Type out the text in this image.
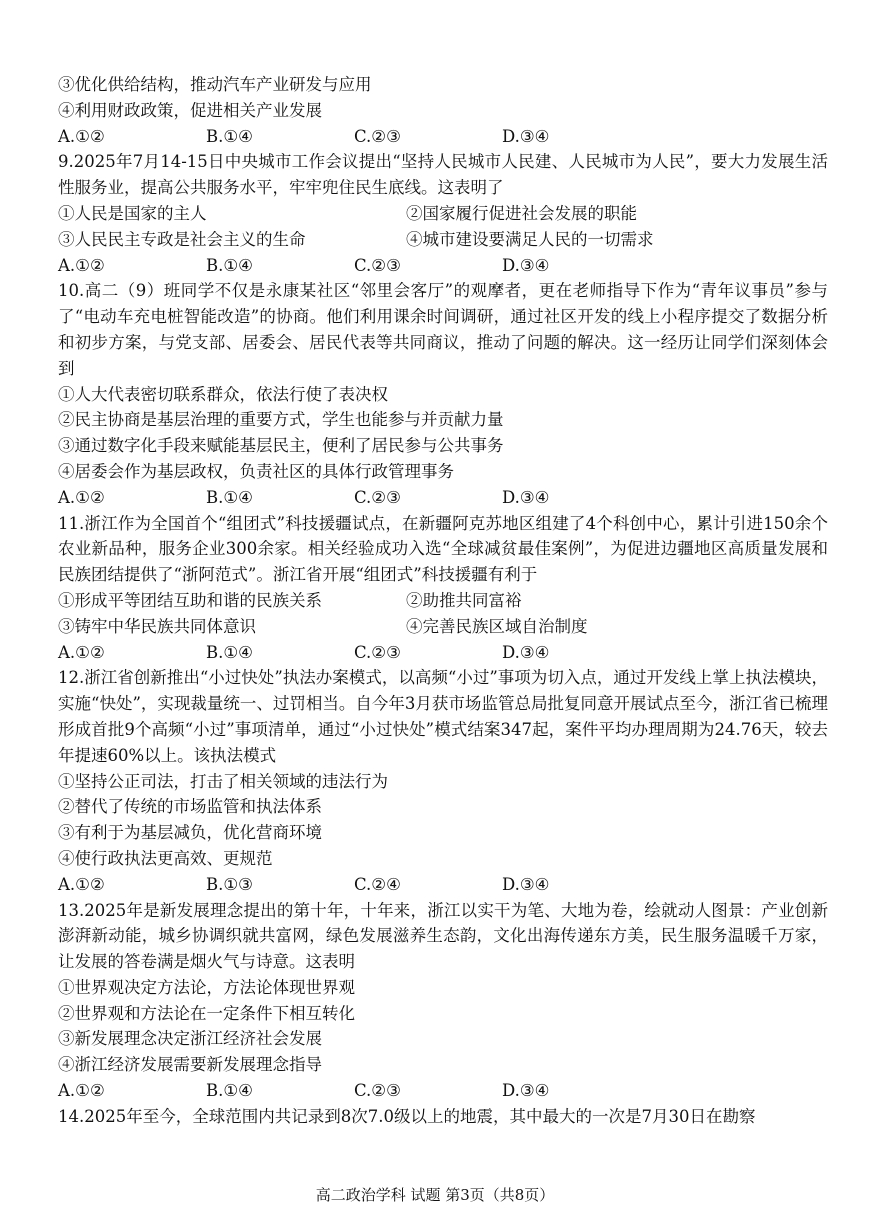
③优化供给结构，推动汽车产业研发与应用
④利用财政政策，促进相关产业发展
A.①②	B.①④	C.②③	D.③④

9.2025年7月14-15日中央城市工作会议提出“坚持人民城市人民建、人民城市为人民”，要大力发展生活性服务业，提高公共服务水平，牢牢兜住民生底线。这表明了

①人民是国家的主人	②国家履行促进社会发展的职能
③人民民主专政是社会主义的生命	④城市建设要满足人民的一切需求
A.①②	B.①④	C.②③	D.③④

10.高二（9）班同学不仅是永康某社区“邻里会客厅”的观摩者，更在老师指导下作为“青年议事员”参与了“电动车充电桩智能改造”的协商。他们利用课余时间调研，通过社区开发的线上小程序提交了数据分析和初步方案，与党支部、居委会、居民代表等共同商议，推动了问题的解决。这一经历让同学们深刻体会到

①人大代表密切联系群众，依法行使了表决权
②民主协商是基层治理的重要方式，学生也能参与并贡献力量
③通过数字化手段来赋能基层民主，便利了居民参与公共事务
④居委会作为基层政权，负责社区的具体行政管理事务
A.①②	B.①④	C.②③	D.③④

11.浙江作为全国首个“组团式”科技援疆试点，在新疆阿克苏地区组建了4个科创中心，累计引进150余个农业新品种，服务企业300余家。相关经验成功入选“全球减贫最佳案例”，为促进边疆地区高质量发展和民族团结提供了“浙阿范式”。浙江省开展“组团式”科技援疆有利于

①形成平等团结互助和谐的民族关系	②助推共同富裕
③铸牢中华民族共同体意识	④完善民族区域自治制度
A.①②	B.①④	C.②③	D.③④

12.浙江省创新推出“小过快处”执法办案模式，以高频“小过”事项为切入点，通过开发线上掌上执法模块，实施“快处”，实现裁量统一、过罚相当。自今年3月获市场监管总局批复同意开展试点至今，浙江省已梳理形成首批9个高频“小过”事项清单，通过“小过快处”模式结案347起，案件平均办理周期为24.76天，较去年提速60%以上。该执法模式

①坚持公正司法，打击了相关领域的违法行为
②替代了传统的市场监管和执法体系
③有利于为基层减负，优化营商环境
④使行政执法更高效、更规范
A.①②	B.①③	C.②④	D.③④

13.2025年是新发展理念提出的第十年，十年来，浙江以实干为笔、大地为卷，绘就动人图景：产业创新澎湃新动能，城乡协调织就共富网，绿色发展滋养生态韵，文化出海传递东方美，民生服务温暖千万家，让发展的答卷满是烟火气与诗意。这表明

①世界观决定方法论，方法论体现世界观
②世界观和方法论在一定条件下相互转化
③新发展理念决定浙江经济社会发展
④浙江经济发展需要新发展理念指导
A.①②	B.①④	C.②③	D.③④

14.2025年至今，全球范围内共记录到8次7.0级以上的地震，其中最大的一次是7月30日在勘察

高二政治学科 试题 第3页（共8页）
